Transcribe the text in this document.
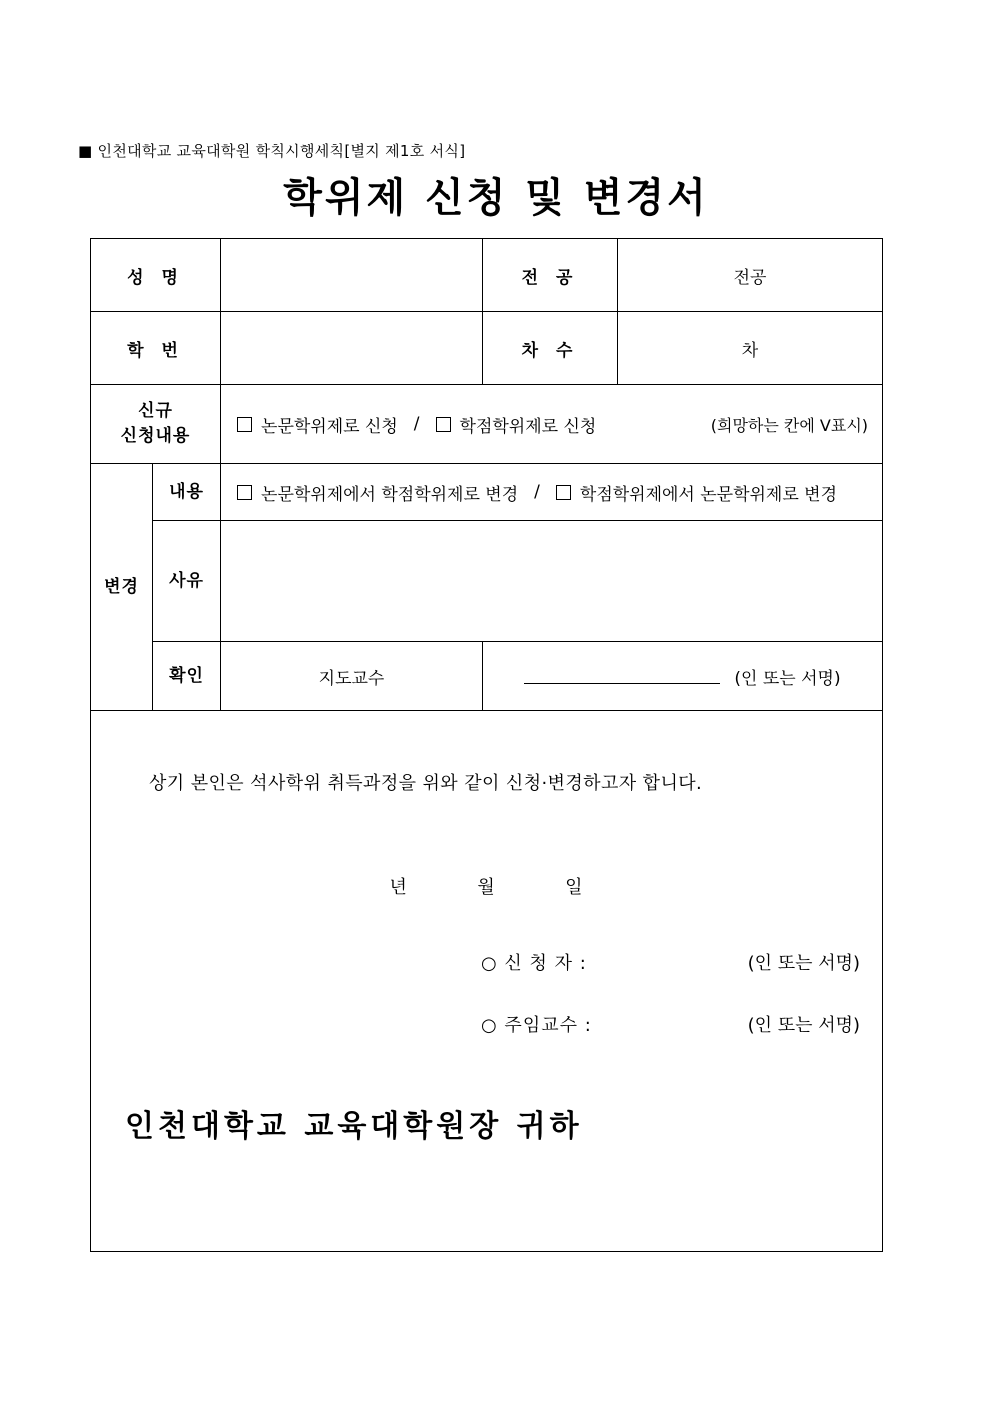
■ 인천대학교 교육대학원 학칙시행세칙[별지 제1호 서식]
학위제 신청 및 변경서
성 명			전 공	전공
학 번			차 수	차

신규
신청내용	논문학위제로 신청 / 학점학위제로 신청	(희망하는 칸에 V표시)

변경	내용	논문학위제에서 학점학위제로 변경 / 학점학위제에서 논문학위제로 변경		

	사유			
	확인	지도교수	(인 또는 서명)	

상기 본인은 석사학위 취득과정을 위와 같이 신청·변경하고자 합니다.
년	월	일
○ 신 청 자 :	(인 또는 서명)
○ 주임교수 :	(인 또는 서명)
인천대학교 교육대학원장 귀하
